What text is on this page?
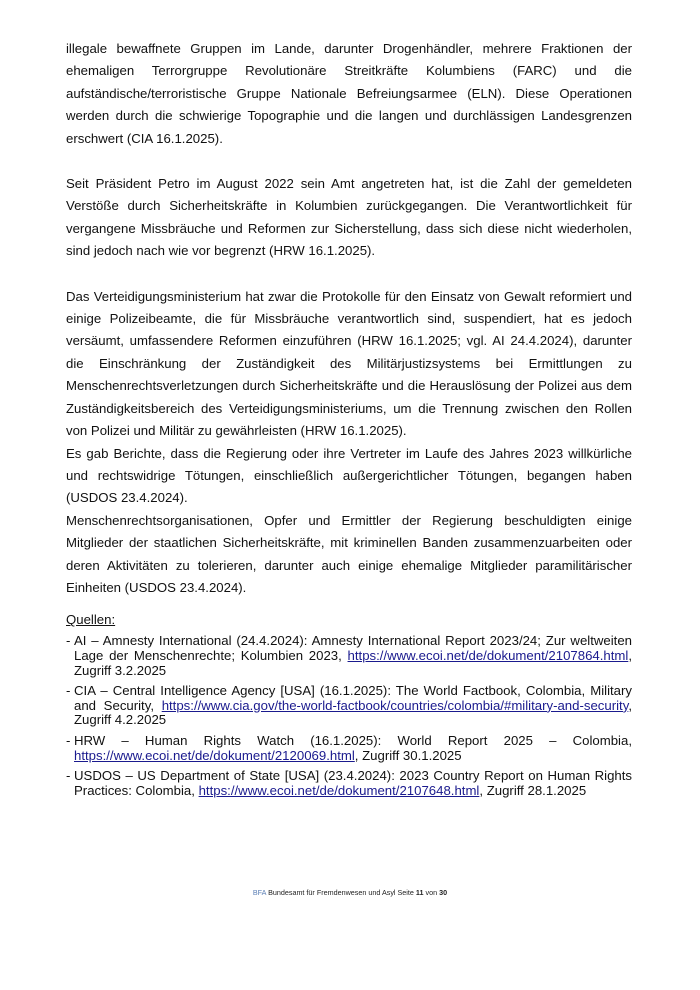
illegale bewaffnete Gruppen im Lande, darunter Drogenhändler, mehrere Fraktionen der ehemaligen Terrorgruppe Revolutionäre Streitkräfte Kolumbiens (FARC) und die aufständische/terroristische Gruppe Nationale Befreiungsarmee (ELN). Diese Operationen werden durch die schwierige Topographie und die langen und durchlässigen Landesgrenzen erschwert (CIA 16.1.2025).

Seit Präsident Petro im August 2022 sein Amt angetreten hat, ist die Zahl der gemeldeten Verstöße durch Sicherheitskräfte in Kolumbien zurückgegangen. Die Verantwortlichkeit für vergangene Missbräuche und Reformen zur Sicherstellung, dass sich diese nicht wiederholen, sind jedoch nach wie vor begrenzt (HRW 16.1.2025).

Das Verteidigungsministerium hat zwar die Protokolle für den Einsatz von Gewalt reformiert und einige Polizeibeamte, die für Missbräuche verantwortlich sind, suspendiert, hat es jedoch versäumt, umfassendere Reformen einzuführen (HRW 16.1.2025; vgl. AI 24.4.2024), darunter die Einschränkung der Zuständigkeit des Militärjustizsystems bei Ermittlungen zu Menschenrechtsverletzungen durch Sicherheitskräfte und die Herauslösung der Polizei aus dem Zuständigkeitsbereich des Verteidigungsministeriums, um die Trennung zwischen den Rollen von Polizei und Militär zu gewährleisten (HRW 16.1.2025).

Es gab Berichte, dass die Regierung oder ihre Vertreter im Laufe des Jahres 2023 willkürliche und rechtswidrige Tötungen, einschließlich außergerichtlicher Tötungen, begangen haben (USDOS 23.4.2024).

Menschenrechtsorganisationen, Opfer und Ermittler der Regierung beschuldigten einige Mitglieder der staatlichen Sicherheitskräfte, mit kriminellen Banden zusammenzuarbeiten oder deren Aktivitäten zu tolerieren, darunter auch einige ehemalige Mitglieder paramilitärischer Einheiten (USDOS 23.4.2024).

Quellen:
- AI – Amnesty International (24.4.2024): Amnesty International Report 2023/24; Zur weltweiten Lage der Menschenrechte; Kolumbien 2023, https://www.ecoi.net/de/dokument/2107864.html, Zugriff 3.2.2025
- CIA – Central Intelligence Agency [USA] (16.1.2025): The World Factbook, Colombia, Military and Security, https://www.cia.gov/the-world-factbook/countries/colombia/#military-and-security, Zugriff 4.2.2025
- HRW – Human Rights Watch (16.1.2025): World Report 2025 – Colombia, https://www.ecoi.net/de/dokument/2120069.html, Zugriff 30.1.2025
- USDOS – US Department of State [USA] (23.4.2024): 2023 Country Report on Human Rights Practices: Colombia, https://www.ecoi.net/de/dokument/2107648.html, Zugriff 28.1.2025
BFA Bundesamt für Fremdenwesen und Asyl Seite 11 von 30
